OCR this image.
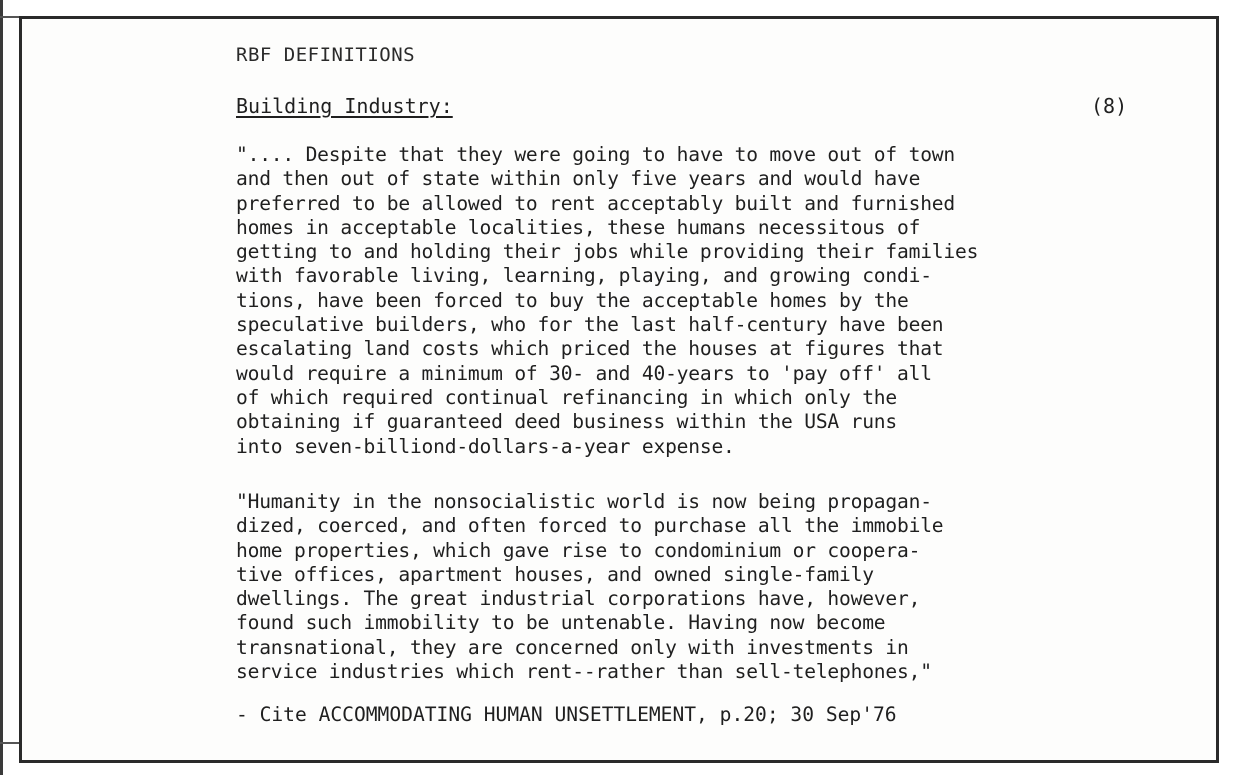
RBF DEFINITIONS
Building Industry:	(8)

".... Despite that they were going to have to move out of town
and then out of state within only five years and would have
preferred to be allowed to rent acceptably built and furnished
homes in acceptable localities, these humans necessitous of
getting to and holding their jobs while providing their families
with favorable living, learning, playing, and growing condi-
tions, have been forced to buy the acceptable homes by the
speculative builders, who for the last half-century have been
escalating land costs which priced the houses at figures that
would require a minimum of 30- and 40-years to 'pay off' all
of which required continual refinancing in which only the
obtaining if guaranteed deed business within the USA runs
into seven-billiond-dollars-a-year expense.

"Humanity in the nonsocialistic world is now being propagan-
dized, coerced, and often forced to purchase all the immobile
home properties, which gave rise to condominium or coopera-
tive offices, apartment houses, and owned single-family
dwellings. The great industrial corporations have, however,
found such immobility to be untenable. Having now become
transnational, they are concerned only with investments in
service industries which rent--rather than sell-telephones,"

- Cite ACCOMMODATING HUMAN UNSETTLEMENT, p.20; 30 Sep'76
